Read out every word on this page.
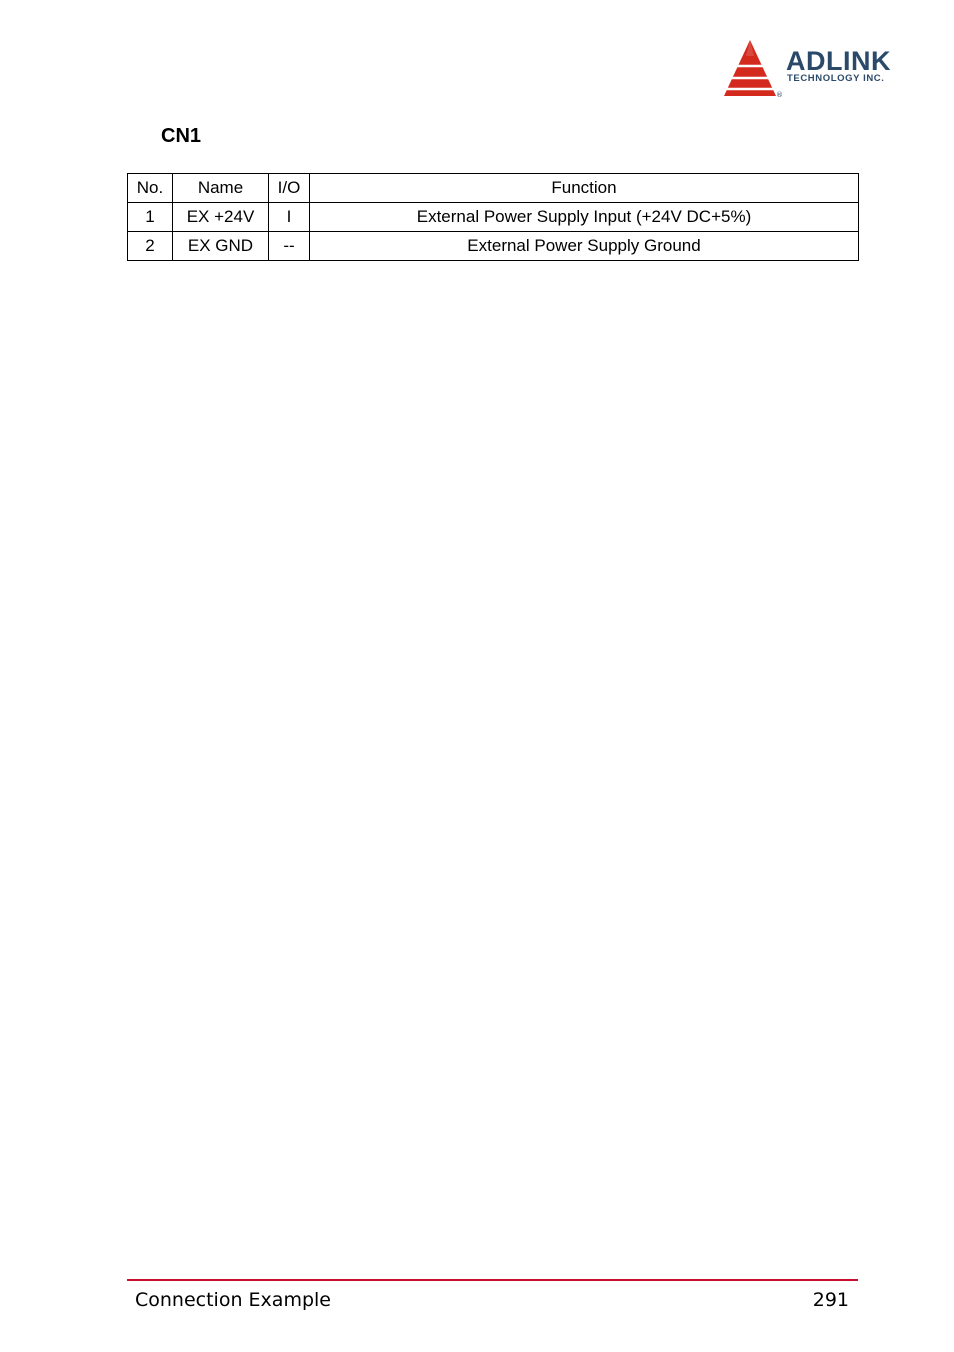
ADLINK
TECHNOLOGY INC.
®
CN1
No.	Name	I/O	Function
1	EX +24V	I	External Power Supply Input (+24V DC+5%)
2	EX GND	--	External Power Supply Ground
Connection Example	291
